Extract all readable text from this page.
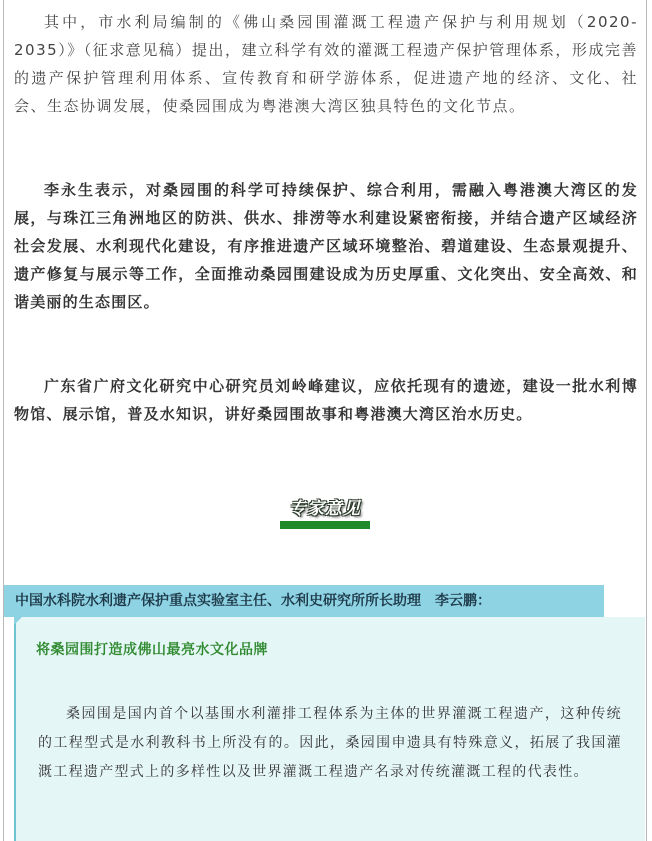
其中，市水利局编制的《佛山桑园围灌溉工程遗产保护与利用规划（2020-2035）》（征求意见稿）提出，建立科学有效的灌溉工程遗产保护管理体系，形成完善的遗产保护管理利用体系、宣传教育和研学游体系，促进遗产地的经济、文化、社会、生态协调发展，使桑园围成为粤港澳大湾区独具特色的文化节点。

李永生表示，对桑园围的科学可持续保护、综合利用，需融入粤港澳大湾区的发展，与珠江三角洲地区的防洪、供水、排涝等水利建设紧密衔接，并结合遗产区域经济社会发展、水利现代化建设，有序推进遗产区域环境整治、碧道建设、生态景观提升、遗产修复与展示等工作，全面推动桑园围建设成为历史厚重、文化突出、安全高效、和谐美丽的生态围区。

广东省广府文化研究中心研究员刘岭峰建议，应依托现有的遗迹，建设一批水利博物馆、展示馆，普及水知识，讲好桑园围故事和粤港澳大湾区治水历史。

专家意见
中国水科院水利遗产保护重点实验室主任、水利史研究所所长助理　李云鹏：
将桑园围打造成佛山最亮水文化品牌

桑园围是国内首个以基围水利灌排工程体系为主体的世界灌溉工程遗产，这种传统的工程型式是水利教科书上所没有的。因此，桑园围申遗具有特殊意义，拓展了我国灌溉工程遗产型式上的多样性以及世界灌溉工程遗产名录对传统灌溉工程的代表性。
